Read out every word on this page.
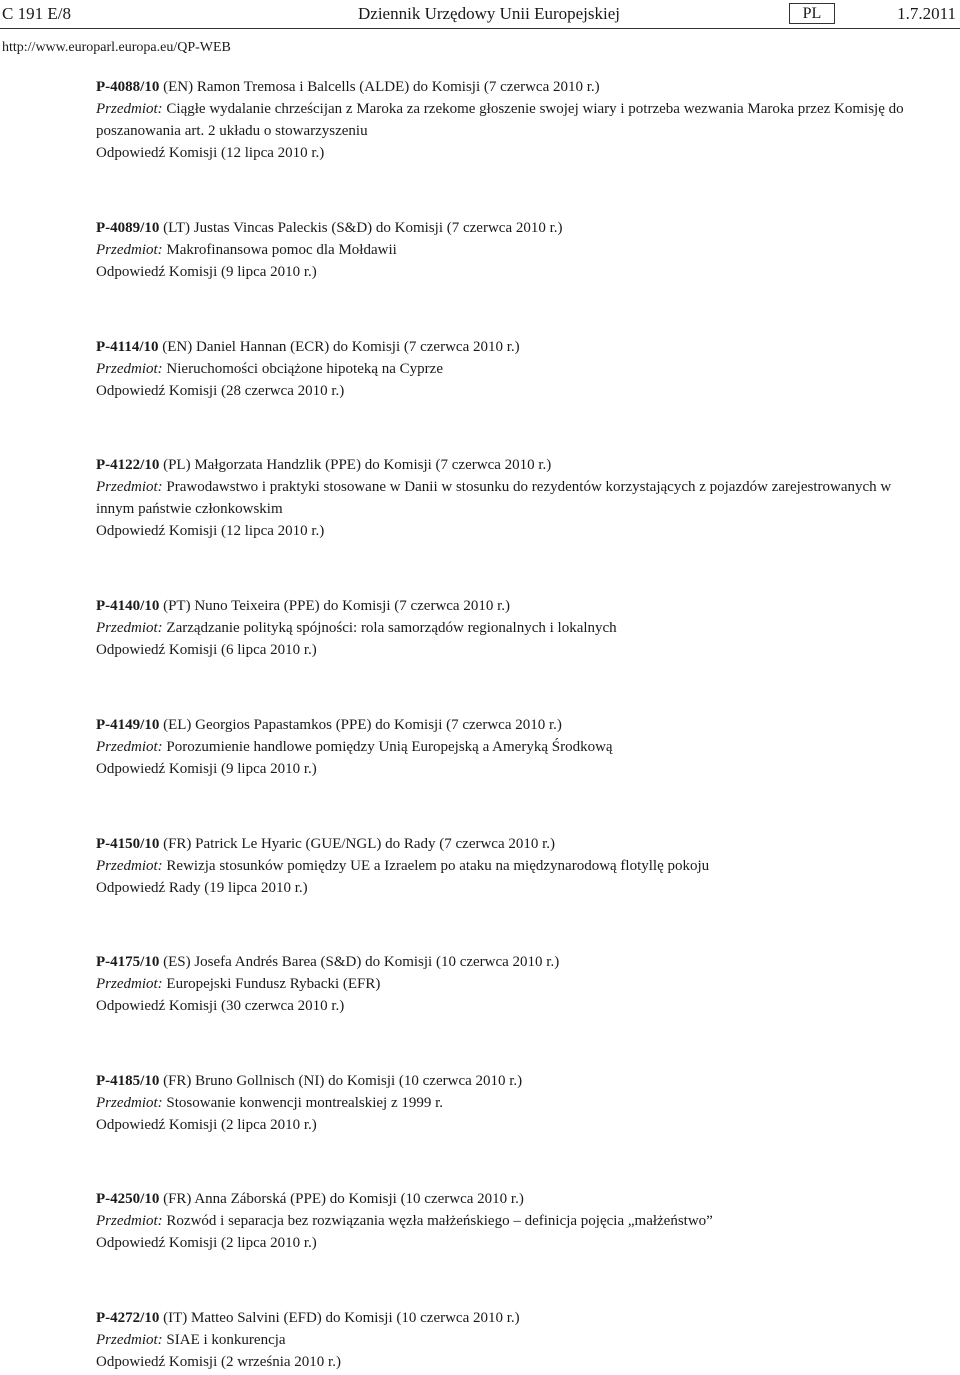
C 191 E/8	Dziennik Urzędowy Unii Europejskiej	PL	1.7.2011
http://www.europarl.europa.eu/QP-WEB

P-4088/10 (EN) Ramon Tremosa i Balcells (ALDE) do Komisji (7 czerwca 2010 r.)

Przedmiot: Ciągłe wydalanie chrześcijan z Maroka za rzekome głoszenie swojej wiary i potrzeba wezwania Maroka przez Komisję do poszanowania art. 2 układu o stowarzyszeniu

Odpowiedź Komisji (12 lipca 2010 r.)

P-4089/10 (LT) Justas Vincas Paleckis (S&D) do Komisji (7 czerwca 2010 r.)

Przedmiot: Makrofinansowa pomoc dla Mołdawii

Odpowiedź Komisji (9 lipca 2010 r.)

P-4114/10 (EN) Daniel Hannan (ECR) do Komisji (7 czerwca 2010 r.)

Przedmiot: Nieruchomości obciążone hipoteką na Cyprze

Odpowiedź Komisji (28 czerwca 2010 r.)

P-4122/10 (PL) Małgorzata Handzlik (PPE) do Komisji (7 czerwca 2010 r.)

Przedmiot: Prawodawstwo i praktyki stosowane w Danii w stosunku do rezydentów korzystających z pojazdów zarejestrowanych w innym państwie członkowskim

Odpowiedź Komisji (12 lipca 2010 r.)

P-4140/10 (PT) Nuno Teixeira (PPE) do Komisji (7 czerwca 2010 r.)

Przedmiot: Zarządzanie polityką spójności: rola samorządów regionalnych i lokalnych

Odpowiedź Komisji (6 lipca 2010 r.)

P-4149/10 (EL) Georgios Papastamkos (PPE) do Komisji (7 czerwca 2010 r.)

Przedmiot: Porozumienie handlowe pomiędzy Unią Europejską a Ameryką Środkową

Odpowiedź Komisji (9 lipca 2010 r.)

P-4150/10 (FR) Patrick Le Hyaric (GUE/NGL) do Rady (7 czerwca 2010 r.)

Przedmiot: Rewizja stosunków pomiędzy UE a Izraelem po ataku na międzynarodową flotyllę pokoju

Odpowiedź Rady (19 lipca 2010 r.)

P-4175/10 (ES) Josefa Andrés Barea (S&D) do Komisji (10 czerwca 2010 r.)

Przedmiot: Europejski Fundusz Rybacki (EFR)

Odpowiedź Komisji (30 czerwca 2010 r.)

P-4185/10 (FR) Bruno Gollnisch (NI) do Komisji (10 czerwca 2010 r.)

Przedmiot: Stosowanie konwencji montrealskiej z 1999 r.

Odpowiedź Komisji (2 lipca 2010 r.)

P-4250/10 (FR) Anna Záborská (PPE) do Komisji (10 czerwca 2010 r.)

Przedmiot: Rozwód i separacja bez rozwiązania węzła małżeńskiego – definicja pojęcia „małżeństwo”

Odpowiedź Komisji (2 lipca 2010 r.)

P-4272/10 (IT) Matteo Salvini (EFD) do Komisji (10 czerwca 2010 r.)

Przedmiot: SIAE i konkurencja

Odpowiedź Komisji (2 września 2010 r.)
